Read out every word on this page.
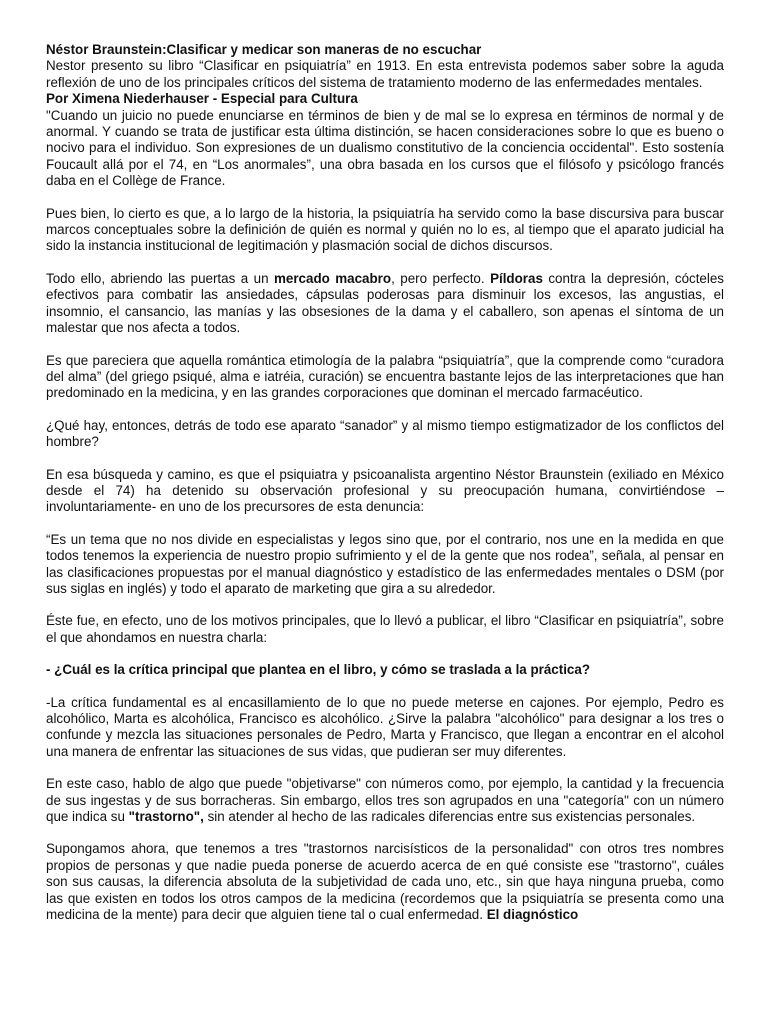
Néstor Braunstein:Clasificar y medicar son maneras de no escuchar

Nestor presento su libro “Clasificar en psiquiatría” en 1913. En esta entrevista podemos saber sobre la aguda reflexión de uno de los principales críticos del sistema de tratamiento moderno de las enfermedades mentales.

Por Ximena Niederhauser - Especial para Cultura

"Cuando un juicio no puede enunciarse en términos de bien y de mal se lo expresa en términos de normal y de anormal. Y cuando se trata de justificar esta última distinción, se hacen consideraciones sobre lo que es bueno o nocivo para el individuo. Son expresiones de un dualismo constitutivo de la conciencia occidental". Esto sostenía Foucault allá por el 74, en “Los anormales”, una obra basada en los cursos que el filósofo y psicólogo francés daba en el Collège de France.

Pues bien, lo cierto es que, a lo largo de la historia, la psiquiatría ha servido como la base discursiva para buscar marcos conceptuales sobre la definición de quién es normal y quién no lo es, al tiempo que el aparato judicial ha sido la instancia institucional de legitimación y plasmación social de dichos discursos.

Todo ello, abriendo las puertas a un mercado macabro, pero perfecto. Píldoras contra la depresión, cócteles efectivos para combatir las ansiedades, cápsulas poderosas para disminuir los excesos, las angustias, el insomnio, el cansancio, las manías y las obsesiones de la dama y el caballero, son apenas el síntoma de un malestar que nos afecta a todos.

Es que pareciera que aquella romántica etimología de la palabra “psiquiatría”, que la comprende como “curadora del alma” (del griego psiqué, alma e iatréia, curación) se encuentra bastante lejos de las interpretaciones que han predominado en la medicina, y en las grandes corporaciones que dominan el mercado farmacéutico.

¿Qué hay, entonces, detrás de todo ese aparato “sanador” y al mismo tiempo estigmatizador de los conflictos del hombre?

En esa búsqueda y camino, es que el psiquiatra y psicoanalista argentino Néstor Braunstein (exiliado en México desde el 74) ha detenido su observación profesional y su preocupación humana, convirtiéndose –involuntariamente- en uno de los precursores de esta denuncia:

“Es un tema que no nos divide en especialistas y legos sino que, por el contrario, nos une en la medida en que todos tenemos la experiencia de nuestro propio sufrimiento y el de la gente que nos rodea”, señala, al pensar en las clasificaciones propuestas por el manual diagnóstico y estadístico de las enfermedades mentales o DSM (por sus siglas en inglés) y todo el aparato de marketing que gira a su alrededor.

Éste fue, en efecto, uno de los motivos principales, que lo llevó a publicar, el libro “Clasificar en psiquiatría”, sobre el que ahondamos en nuestra charla:

- ¿Cuál es la crítica principal que plantea en el libro, y cómo se traslada a la práctica?

-La crítica fundamental es al encasillamiento de lo que no puede meterse en cajones. Por ejemplo, Pedro es alcohólico, Marta es alcohólica, Francisco es alcohólico. ¿Sirve la palabra "alcohólico" para designar a los tres o confunde y mezcla las situaciones personales de Pedro, Marta y Francisco, que llegan a encontrar en el alcohol una manera de enfrentar las situaciones de sus vidas, que pudieran ser muy diferentes.

En este caso, hablo de algo que puede "objetivarse" con números como, por ejemplo, la cantidad y la frecuencia de sus ingestas y de sus borracheras. Sin embargo, ellos tres son agrupados en una "categoría" con un número que indica su "trastorno", sin atender al hecho de las radicales diferencias entre sus existencias personales.

Supongamos ahora, que tenemos a tres "trastornos narcisísticos de la personalidad" con otros tres nombres propios de personas y que nadie pueda ponerse de acuerdo acerca de en qué consiste ese "trastorno", cuáles son sus causas, la diferencia absoluta de la subjetividad de cada uno, etc., sin que haya ninguna prueba, como las que existen en todos los otros campos de la medicina (recordemos que la psiquiatría se presenta como una medicina de la mente) para decir que alguien tiene tal o cual enfermedad. El diagnóstico
